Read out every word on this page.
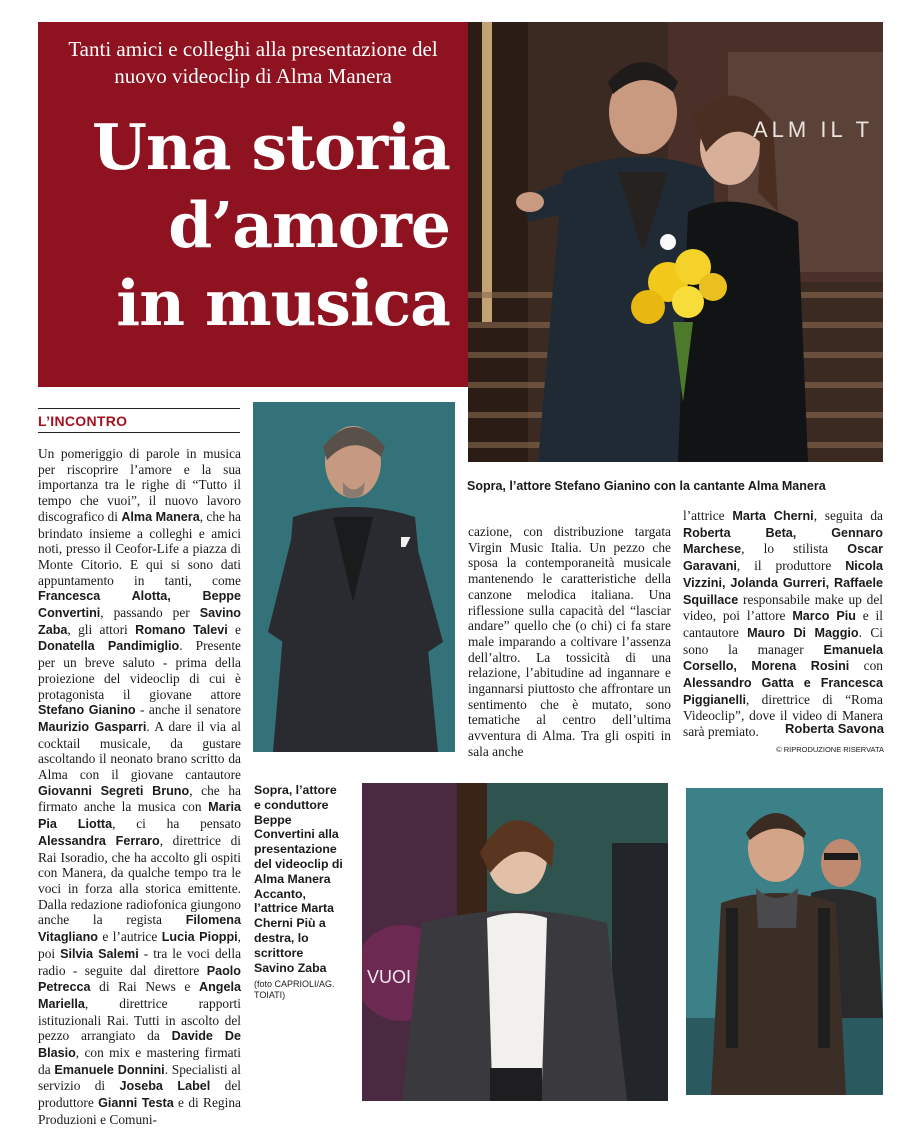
Tanti amici e colleghi alla presentazione del nuovo videoclip di Alma Manera
Una storia
d’amore
in musica
ALM IL T
Sopra, l’attore Stefano Gianino con la cantante Alma Manera
L’INCONTRO
Sopra, l’attore e conduttore Beppe Convertini alla presentazione del videoclip di Alma Manera Accanto, l’attrice Marta Cherni Più a destra, lo scrittore Savino Zaba
(foto CAPRIOLI/AG. TOIATI)
VUOI
Un pomeriggio di parole in musica per riscoprire l’amore e la sua importanza tra le righe di “Tutto il tempo che vuoi”, il nuovo lavoro discografico di Alma Manera, che ha brindato insieme a colleghi e amici noti, presso il Ceofor-Life a piazza di Monte Citorio. E qui si sono dati appuntamento in tanti, come Francesca Alotta, Beppe Convertini, passando per Savino Zaba, gli attori Romano Talevi e Donatella Pandimiglio. Presente per un breve saluto - prima della proiezione del videoclip di cui è protagonista il giovane attore Stefano Gianino - anche il senatore Maurizio Gasparri. A dare il via al cocktail musicale, da gustare ascoltando il neonato brano scritto da Alma con il giovane cantautore Giovanni Segreti Bruno, che ha firmato anche la musica con Maria Pia Liotta, ci ha pensato Alessandra Ferraro, direttrice di Rai Isoradio, che ha accolto gli ospiti con Manera, da qualche tempo tra le voci in forza alla storica emittente. Dalla redazione radiofonica giungono anche la regista Filomena Vitagliano e l’autrice Lucia Pioppi, poi Silvia Salemi - tra le voci della radio - seguite dal direttore Paolo Petrecca di Rai News e Angela Mariella, direttrice rapporti istituzionali Rai. Tutti in ascolto del pezzo arrangiato da Davide De Blasio, con mix e mastering firmati da Emanuele Donnini. Specialisti al servizio di Joseba Label del produttore Gianni Testa e di Regina Produzioni e Comuni-
cazione, con distribuzione targata Virgin Music Italia. Un pezzo che sposa la contemporaneità musicale mantenendo le caratteristiche della canzone melodica italiana. Una riflessione sulla capacità del “lasciar andare” quello che (o chi) ci fa stare male imparando a coltivare l’assenza dell’altro. La tossicità di una relazione, l’abitudine ad ingannare e ingannarsi piuttosto che affrontare un sentimento che è mutato, sono tematiche al centro dell’ultima avventura di Alma. Tra gli ospiti in sala anche
l’attrice Marta Cherni, seguita da Roberta Beta, Gennaro Marchese, lo stilista Oscar Garavani, il produttore Nicola Vizzini, Jolanda Gurreri, Raffaele Squillace responsabile make up del video, poi l’attore Marco Piu e il cantautore Mauro Di Maggio. Ci sono la manager Emanuela Corsello, Morena Rosini con Alessandro Gatta e Francesca Piggianelli, direttrice di “Roma Videoclip”, dove il video di Manera sarà premiato.	Roberta Savona
© RIPRODUZIONE RISERVATA
